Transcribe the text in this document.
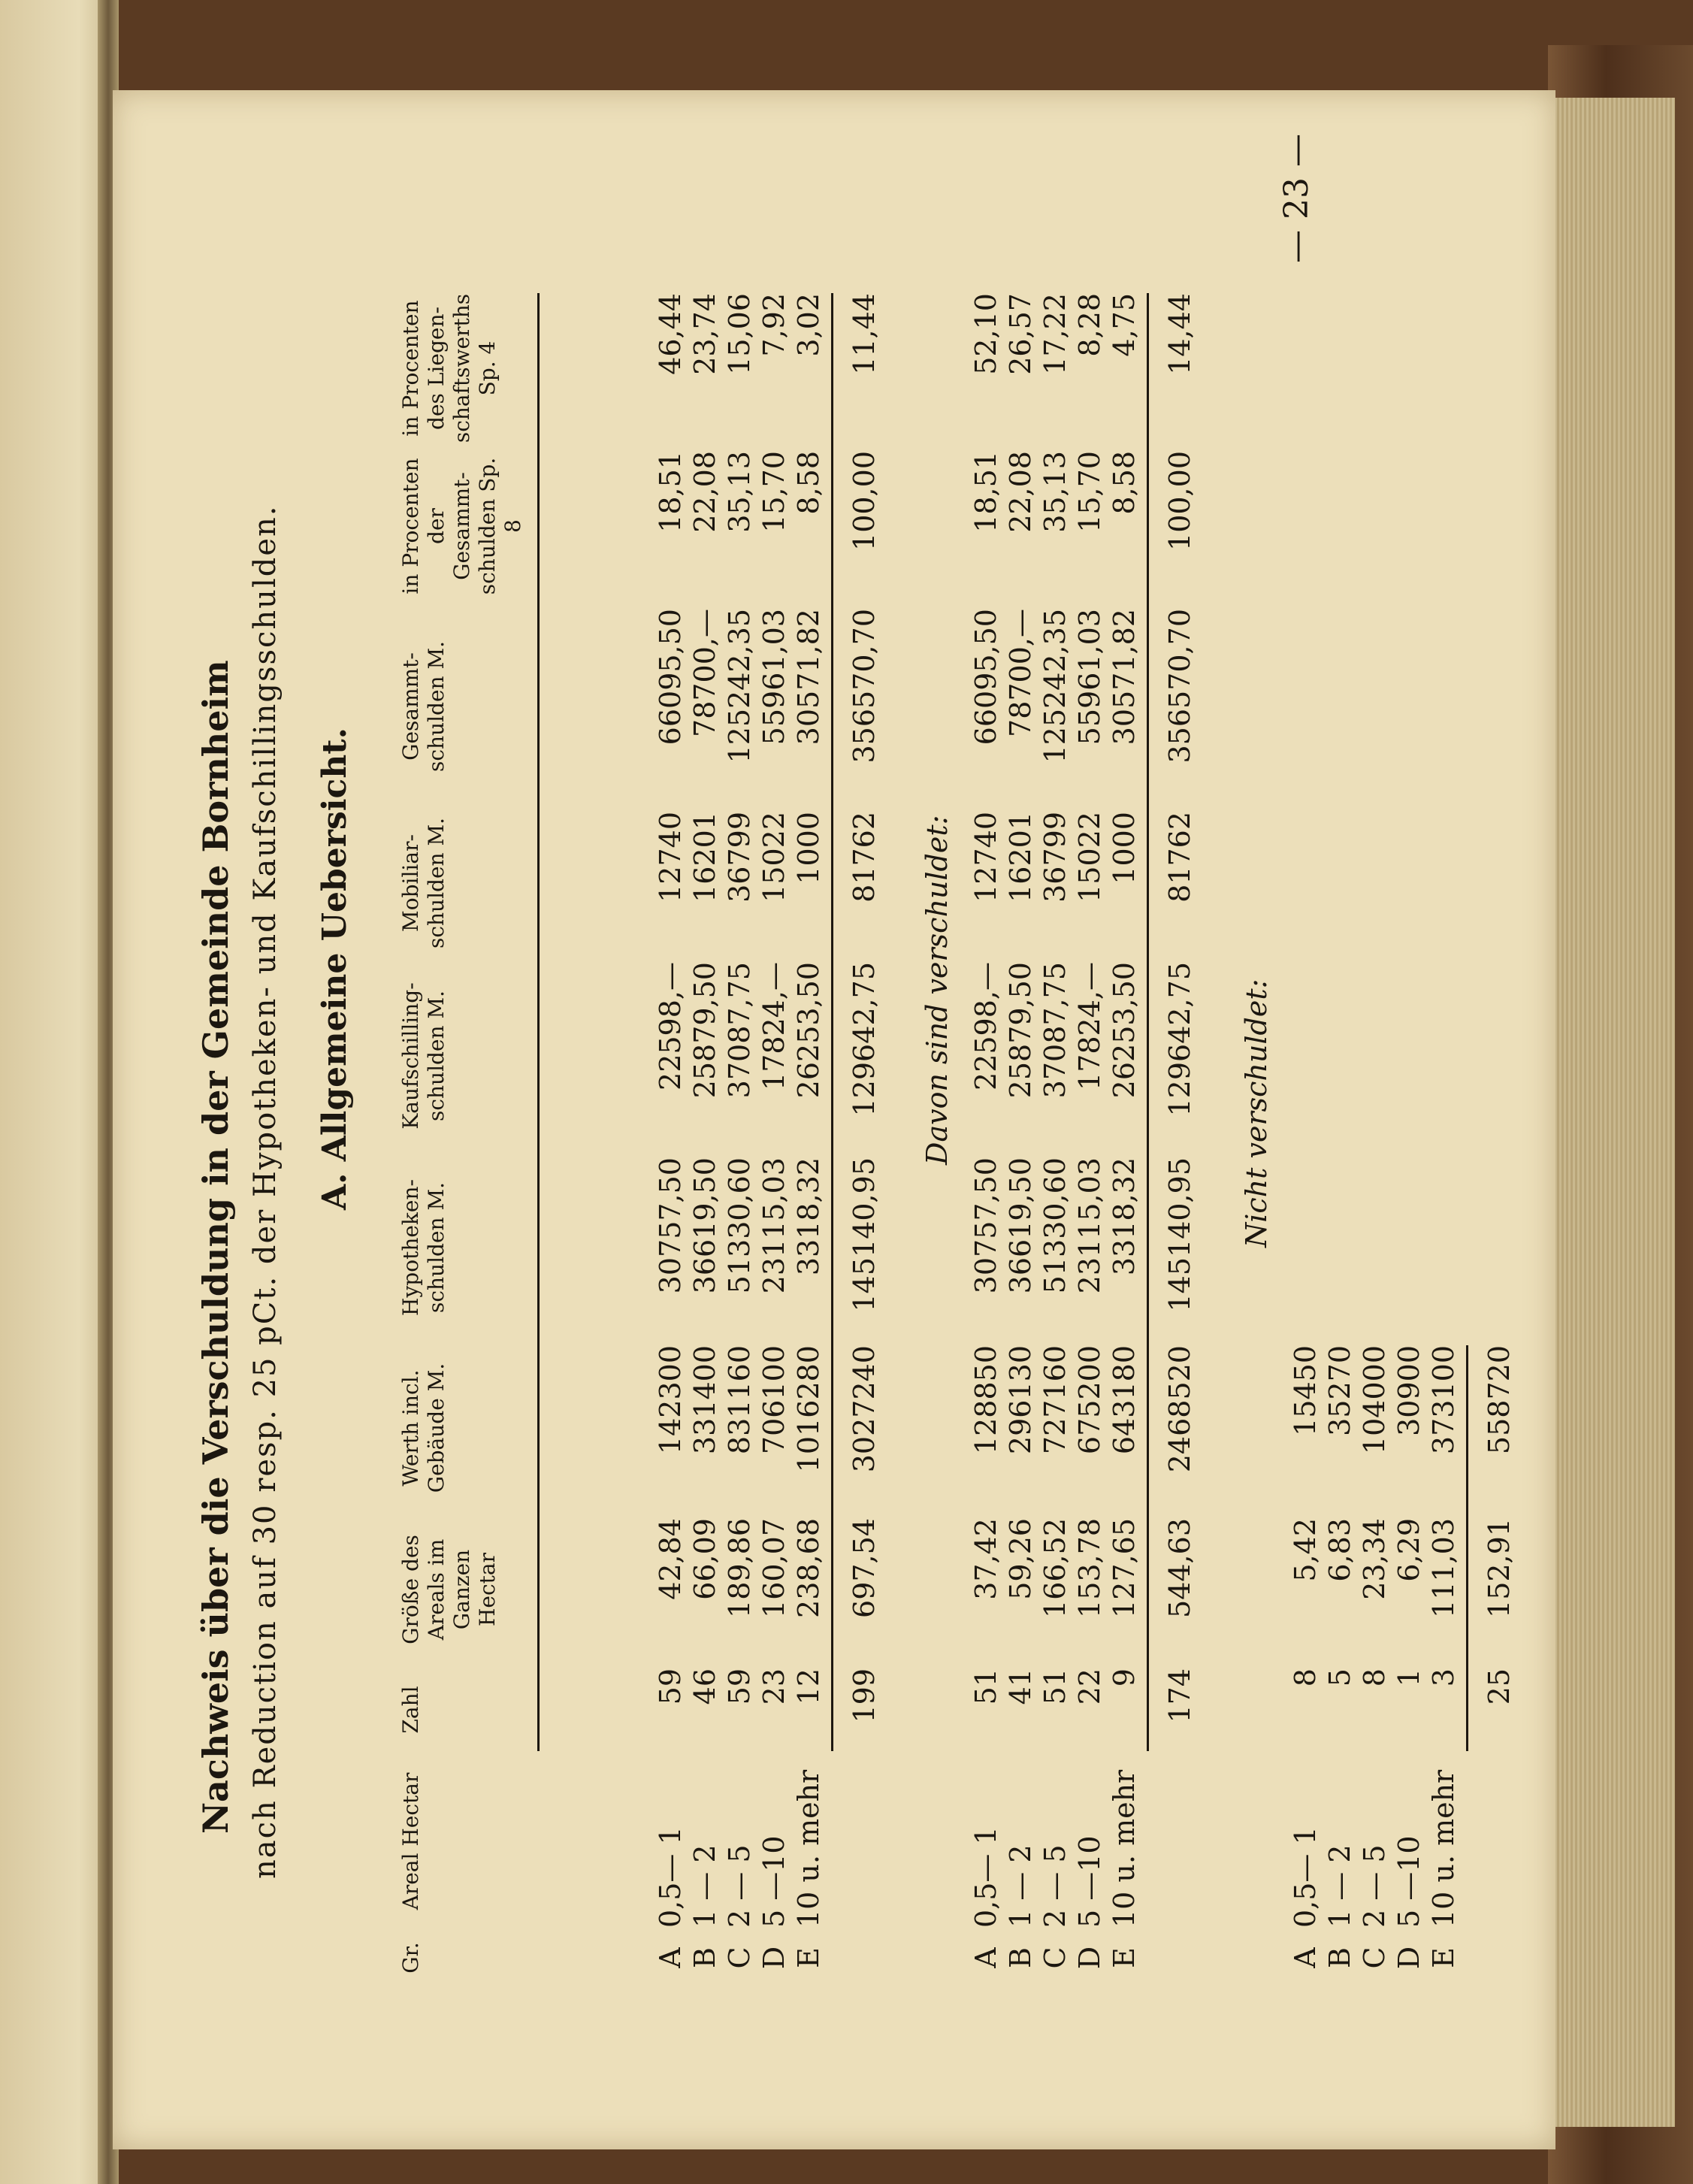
— 23 —
Nachweis über die Verschuldung in der Gemeinde Bornheim nach Reduction auf 30 resp. 25 pCt. der Hypotheken- und Kaufschillingsschulden. A. Allgemeine Uebersicht.
Gr.
Areal Hectar
Zahl
Größe des Areals im Ganzen Hectar
Werth incl. Gebäude M.
Hypotheken-schulden M.
Kaufschilling-schulden M.
Mobiliar-schulden M.
Gesammt-schulden M.
in Procenten der Gesammt-schulden Sp. 8
in Procenten des Liegen-schaftswerths Sp. 4
A
0,5— 1
59
42,84
142300
30757,50
22598,—
12740
66095,50
18,51
46,44
B
1 — 2
46
66,09
331400
36619,50
25879,50
16201
78700,—
22,08
23,74
C
2 — 5
59
189,86
831160
51330,60
37087,75
36799
125242,35
35,13
15,06
D
5 —10
23
160,07
706100
23115,03
17824,—
15022
55961,03
15,70
7,92
E
10 u. mehr
12
238,68
1016280
3318,32
26253,50
1000
30571,82
8,58
3,02
199
697,54
3027240
145140,95
129642,75
81762
356570,70
100,00
11,44
A
0,5— 1
51
37,42
128850
30757,50
22598,—
12740
66095,50
18,51
52,10
B
1 — 2
41
59,26
296130
36619,50
25879,50
16201
78700,—
22,08
26,57
C
2 — 5
51
166,52
727160
51330,60
37087,75
36799
125242,35
35,13
17,22
D
5 —10
22
153,78
675200
23115,03
17824,—
15022
55961,03
15,70
8,28
E
10 u. mehr
9
127,65
643180
3318,32
26253,50
1000
30571,82
8,58
4,75
174
544,63
2468520
145140,95
129642,75
81762
356570,70
100,00
14,44
A
0,5— 1
8
5,42
15450
B
1 — 2
5
6,83
35270
C
2 — 5
8
23,34
104000
D
5 —10
1
6,29
30900
E
10 u. mehr
3
111,03
373100
25
152,91
558720
Davon sind verschuldet:	Nicht verschuldet:
